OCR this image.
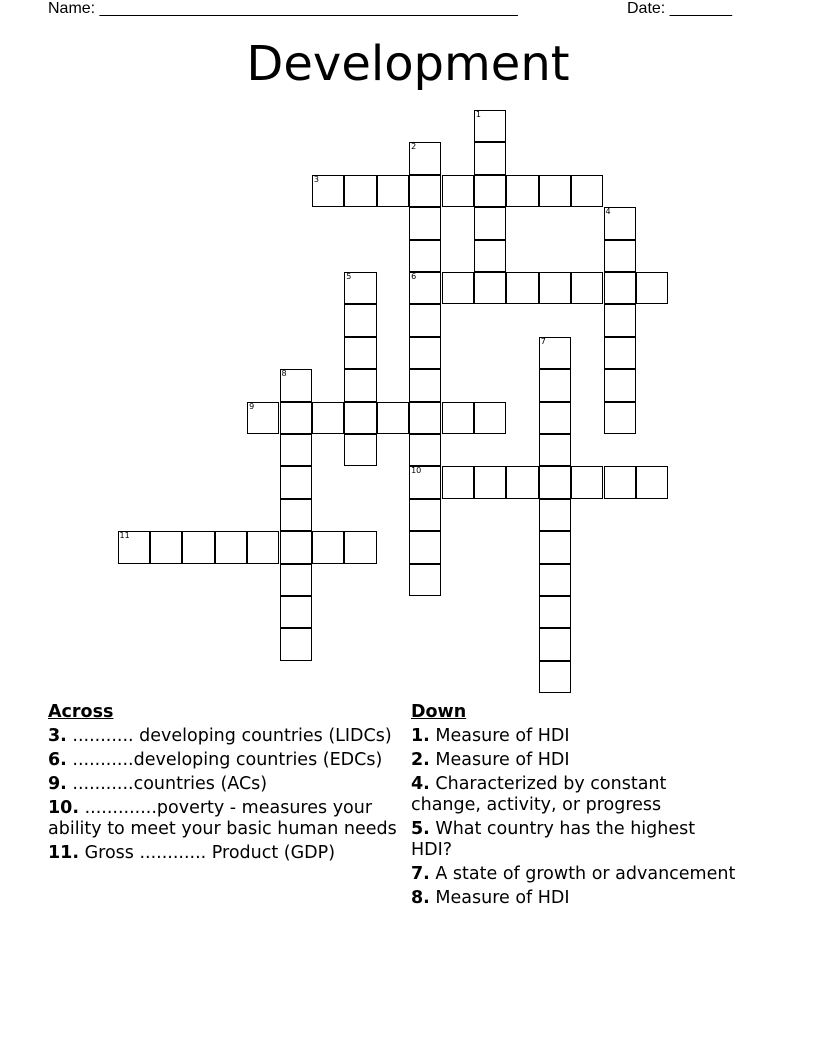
Name: _______________________________________________	Date: _______
Development
1
2
6
10
3
4
5
7
8
9
11
Across
3. ........... developing countries (LIDCs)
6. ...........developing countries (EDCs)
9. ...........countries (ACs)
10. .............poverty - measures your ability to meet your basic human needs
11. Gross ............ Product (GDP)
Down
1. Measure of HDI
2. Measure of HDI
4. Characterized by constant change, activity, or progress
5. What country has the highest HDI?
7. A state of growth or advancement
8. Measure of HDI
